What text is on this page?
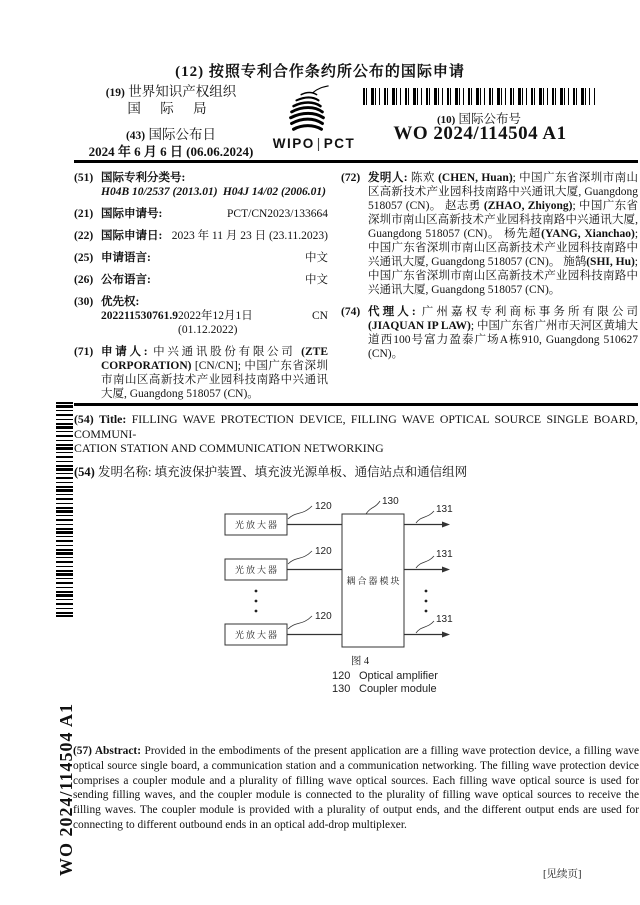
(12) 按照专利合作条约所公布的国际申请
(19) 世界知识产权组织
国 际 局
(43) 国际公布日
2024 年 6 月 6 日 (06.06.2024)
WIPO | PCT
(10) 国际公布号
WO 2024/114504 A1
(51) 国际专利分类号:
H04B 10/2537 (2013.01) H04J 14/02 (2006.01)
(21) 国际申请号:	PCT/CN2023/133664
(22) 国际申请日: 2023 年 11 月 23 日 (23.11.2023)
(25) 申请语言:	中文
(26) 公布语言:	中文
(30) 优先权:
202211530761.9 2022年12月1日 (01.12.2022)
CN
(71) 申请人: 中兴通讯股份有限公司 (ZTE CORPORATION) [CN/CN]; 中国广东省深圳市南山区高新技术产业园科技南路中兴通讯大厦, Guangdong 518057 (CN)。
(72) 发明人: 陈欢 (CHEN, Huan); 中国广东省深圳市南山区高新技术产业园科技南路中兴通讯大厦, Guangdong 518057 (CN)。 赵志勇 (ZHAO, Zhiyong); 中国广东省深圳市南山区高新技术产业园科技南路中兴通讯大厦, Guangdong 518057 (CN)。 杨先超(YANG, Xianchao); 中国广东省深圳市南山区高新技术产业园科技南路中兴通讯大厦, Guangdong 518057 (CN)。 施鹄(SHI, Hu); 中国广东省深圳市南山区高新技术产业园科技南路中兴通讯大厦, Guangdong 518057 (CN)。
(74) 代理人: 广州嘉权专利商标事务所有限公司 (JIAQUAN IP LAW); 中国广东省广州市天河区黄埔大道西100号富力盈泰广场A栋910, Guangdong 510627 (CN)。
(54) Title: FILLING WAVE PROTECTION DEVICE, FILLING WAVE OPTICAL SOURCE SINGLE BOARD, COMMUNI-
CATION STATION AND COMMUNICATION NETWORKING
(54) 发明名称: 填充波保护装置、填充波光源单板、通信站点和通信组网
光放大器
光放大器
光放大器
耦合器模块
120
120
120
130
131
131
131
图 4
120 Optical amplifier
130 Coupler module
(57) Abstract: Provided in the embodiments of the present application are a filling wave protection device, a filling wave optical source single board, a communication station and a communication networking. The filling wave protection device comprises a coupler module and a plurality of filling wave optical sources. Each filling wave optical source is used for sending filling waves, and the coupler module is connected to the plurality of filling wave optical sources to receive the filling waves. The coupler module is provided with a plurality of output ends, and the different output ends are used for connecting to different outbound ends in an optical add-drop multiplexer.
WO 2024/114504 A1	[见续页]
